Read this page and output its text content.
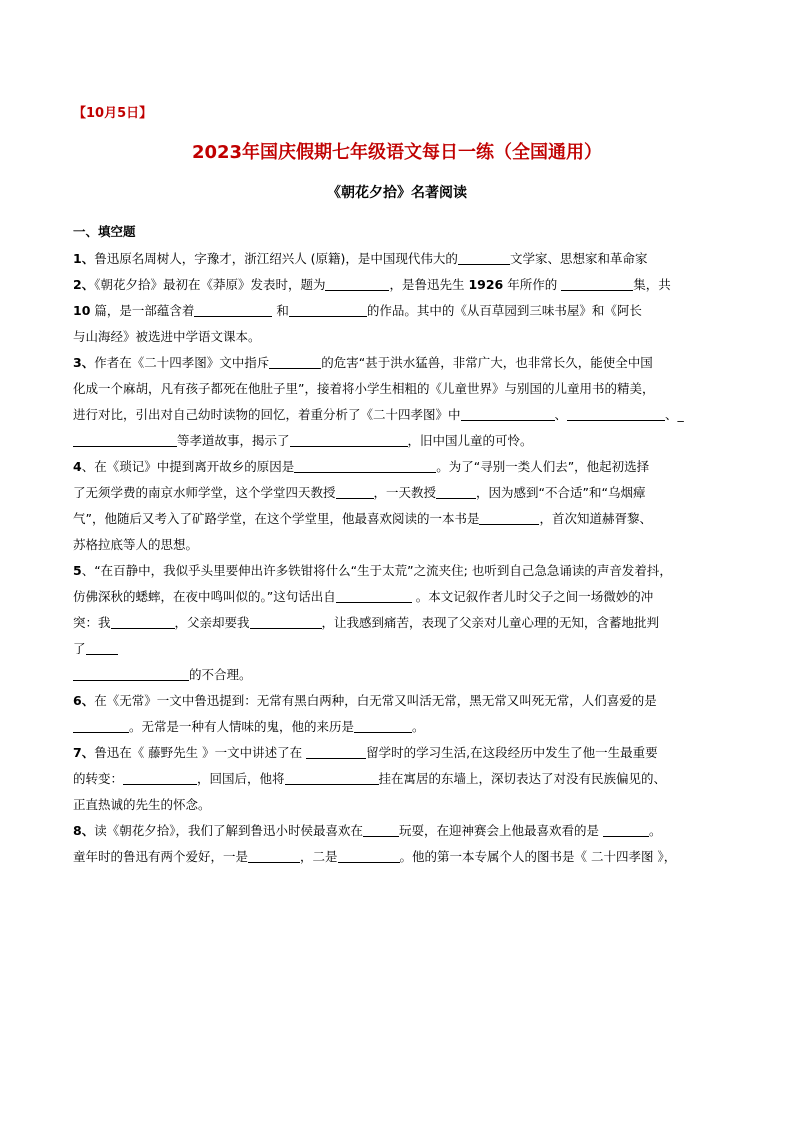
【10月5日】
2023年国庆假期七年级语文每日一练（全国通用）
《朝花夕拾》名著阅读
一、填空题
1、鲁迅原名周树人，字豫才，浙江绍兴人 (原籍)，是中国现代伟大的	文学家、思想家和革命家
2、《朝花夕拾》最初在《莽原》发表时，题为	，是鲁迅先生 1926 年所作的	集，共
10 篇，是一部蕴含着	和	的作品。其中的《从百草园到三味书屋》和《阿长
与山海经》被选进中学语文课本。
3、作者在《二十四孝图》文中指斥	的危害“甚于洪水猛兽，非常广大，也非常长久，能使全中国
化成一个麻胡，凡有孩子都死在他肚子里”，接着将小学生相粗的《儿童世界》与别国的儿童用书的精美，
进行对比，引出对自己幼时读物的回忆，着重分析了《二十四孝图》中	、	、_
等孝道故事，揭示了	，旧中国儿童的可怜。
4、在《琐记》中提到离开故乡的原因是	。为了“寻别一类人们去”，他起初选择
了无须学费的南京水师学堂，这个学堂四天教授	，一天教授	，因为感到“不合适”和“乌烟瘴
气”，他随后又考入了矿路学堂，在这个学堂里，他最喜欢阅读的一本书是	，首次知道赫胥黎、
苏格拉底等人的思想。
5、“在百静中，我似乎头里要伸出许多铁钳将什么“生于太荒”之流夹住; 也听到自己急急诵读的声音发着抖，
仿佛深秋的蟋蟀，在夜中鸣叫似的。”这句话出自	。本文记叙作者儿时父子之间一场微妙的冲
突：我	，父亲却要我	，让我感到痛苦，表现了父亲对儿童心理的无知，含蓄地批判
了
的不合理。
6、在《无常》一文中鲁迅提到：无常有黑白两种，白无常又叫活无常，黑无常又叫死无常，人们喜爱的是
。无常是一种有人情味的鬼，他的来历是	。
7、鲁迅在《 藤野先生 》一文中讲述了在	留学时的学习生活,在这段经历中发生了他一生最重要
的转变：	，回国后，他将	挂在寓居的东墙上，深切表达了对没有民族偏见的、
正直热诚的先生的怀念。
8、读《朝花夕拾》，我们了解到鲁迅小时侯最喜欢在	玩耍，在迎神赛会上他最喜欢看的是	。
童年时的鲁迅有两个爱好，一是	，二是	。他的第一本专属个人的图书是《 二十四孝图 》，
